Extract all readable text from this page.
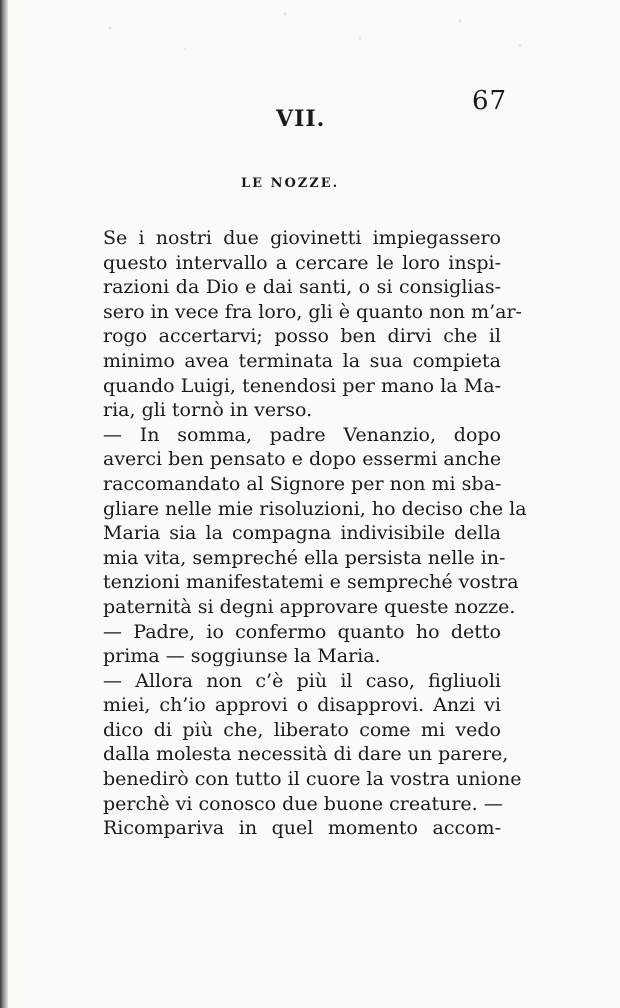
67

VII.

LE NOZZE.

Se i nostri due giovinetti impiegassero
questo intervallo a cercare le loro inspi-
razioni da Dio e dai santi, o si consiglias-
sero in vece fra loro, gli è quanto non m’ar-
rogo accertarvi; posso ben dirvi che il
minimo avea terminata la sua compieta
quando Luigi, tenendosi per mano la Ma-
ria, gli tornò in verso.
— In somma, padre Venanzio, dopo
averci ben pensato e dopo essermi anche
raccomandato al Signore per non mi sba-
gliare nelle mie risoluzioni, ho deciso che la
Maria sia la compagna indivisibile della
mia vita, sempreché ella persista nelle in-
tenzioni manifestatemi e sempreché vostra
paternità si degni approvare queste nozze.
— Padre, io confermo quanto ho detto
prima — soggiunse la Maria.
— Allora non c’è più il caso, figliuoli
miei, ch’io approvi o disapprovi. Anzi vi
dico di più che, liberato come mi vedo
dalla molesta necessità di dare un parere,
benedirò con tutto il cuore la vostra unione
perchè vi conosco due buone creature. —
Ricompariva in quel momento accom-
